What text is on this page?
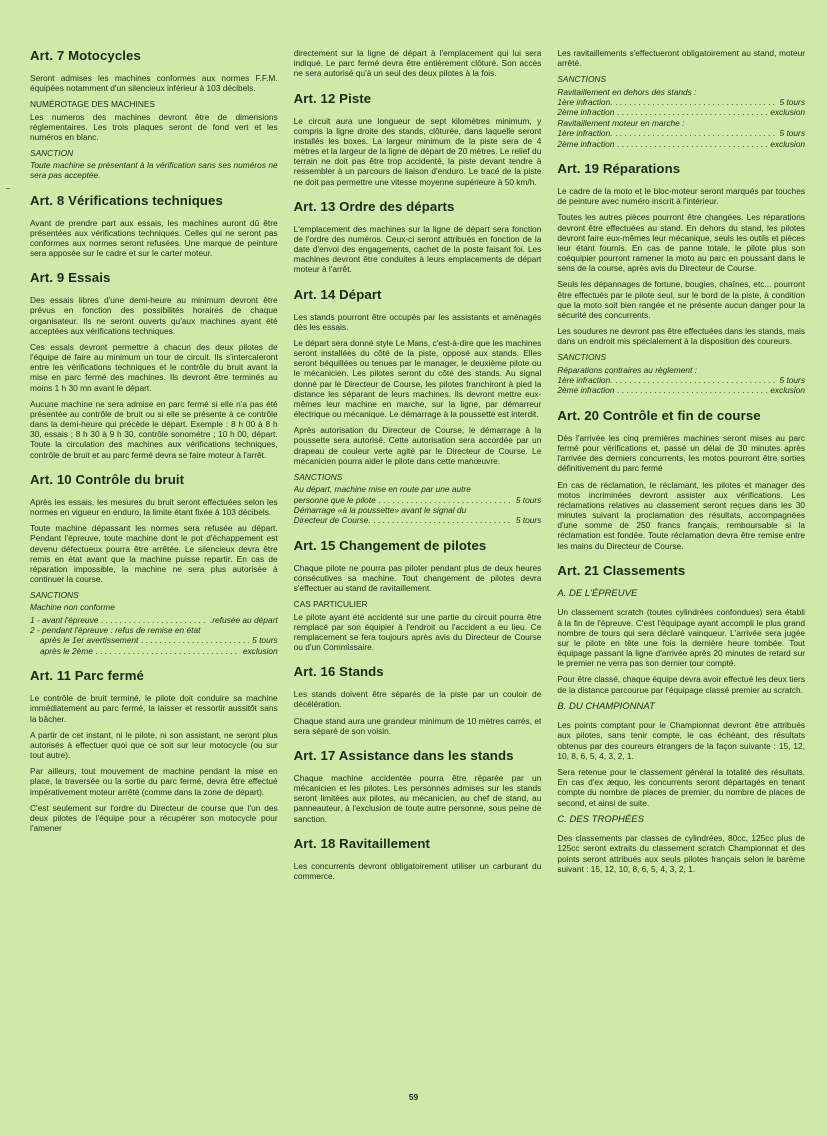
Art. 7 Motocycles

Seront admises les machines conformes aux normes F.F.M. équipées notamment d'un silencieux inférieur à 103 décibels.

NUMÉROTAGE DES MACHINES

Les numeros des machines devront être de dimensions réglementaires. Les trois plaques seront de fond vert et les numéros en blanc.

SANCTION

Toute machine se présentant à la vérification sans ses numéros ne sera pas acceptée.

Art. 8 Vérifications techniques

Avant de prendre part aux essais, les machines auront dû être présentées aux vérifications techniques. Celles qui ne seront pas conformes aux normes seront refusées. Une marque de peinture sera apposée sur le cadre et sur le carter moteur.

Art. 9 Essais

Des essais libres d'une demi-heure au minimum devront être prévus en fonction des possibilités horaires de chaque organisateur. Ils ne seront ouverts qu'aux machines ayant été acceptées aux vérifications techniques.

Ces essais devront permettre à chacun des deux pilotes de l'équipe de faire au minimum un tour de circuit. Ils s'intercaleront entre les vérifications techniques et le contrôle du bruit avant la mise en parc fermé des machines. Ils devront être terminés au moins 1 h 30 mn avant le départ.

Aucune machine ne sera admise en parc fermé si elle n'a pas été présentée au contrôle de bruit ou si elle se présente à ce contrôle dans la demi-heure qui précède le départ. Exemple : 8 h 00 à 8 h 30, essais ; 8 h 30 à 9 h 30, contrôle sonométre ; 10 h 00, départ. Toute la circulation des machines aux vérifications techniques, contrôle de bruit et au parc fermé devra se faire moteur à l'arrêt.

Art. 10 Contrôle du bruit

Après les essais, les mesures du bruit seront effectuées selon les normes en vigueur en enduro, la limite étant fixée à 103 décibels.

Toute machine dépassant les normes sera refusée au départ. Pendant l'épreuve, toute machine dont le pot d'échappement est devenu défectueux pourra être arrêtée. Le silencieux devra être remis en état avant que la machine puisse repartir. En cas de réparation impossible, la machine ne sera plus autorisée à continuer la course.

SANCTIONS

Machine non conforme

1 - avant l'épreuve . . .	.refusée au départ
2 - pendant l'épreuve : refus de remise en état
après le 1er avertissement . . .	5 tours
après le 2ème . . .	exclusion
Art. 11 Parc fermé

Le contrôle de bruit terminé, le pilote doit conduire sa machine immédiatement au parc fermé, la laisser et ressortir aussitôt sans la bâcher.

A partir de cet instant, ni le pilote, ni son assistant, ne seront plus autorisés à effectuer quoi que ce soit sur leur motocycle (ou sur tout autre).

Par ailleurs, tout mouvement de machine pendant la mise en place, la traversée ou la sortie du parc fermé, devra être effectué impérativement moteur arrêté (comme dans la zone de départ).

C'est seulement sur l'ordre du Directeur de course que l'un des deux pilotes de l'équipe pour a récupérer son motocycle pour l'amener

directement sur la ligne de départ à l'emplacement qui lui sera indiqué. Le parc fermé devra être entièrement clôturé. Son accès ne sera autorisé qu'à un seul des deux pilotes à la fois.

Art. 12 Piste

Le circuit aura une longueur de sept kilomètres minimum, y compris la ligne droite des stands, clôturée, dans laquelle seront installés les boxes. La largeur minimum de la piste sera de 4 mètres et la largeur de la ligne de départ de 20 mètres. Le relief du terrain ne doit pas être trop accidenté, la piste devant tendre à ressembler à un parcours de liaison d'enduro. Le tracé de la piste ne doit pas permettre une vitesse moyenne supérieure à 50 km/h.

Art. 13 Ordre des départs

L'emplacement des machines sur la ligne de départ sera fonction de l'ordre des numéros. Ceux-ci seront attribués en fonction de la date d'envoi des engagements, cachet de la poste faisant foi. Les machines devront être conduites à leurs emplacements de départ moteur à l'arrêt.

Art. 14 Départ

Les stands pourront être occupés par les assistants et aménagés dès les essais.

Le départ sera donné style Le Mans, c'est-à-dire que les machines seront installées du côté de la piste, opposé aux stands. Elles seront béquillées ou tenues par le manager, le deuxième pilote ou le mécanicien. Les pilotes seront du côté des stands. Au signal donné par le Directeur de Course, les pilotes franchiront à pied la distance les séparant de leurs machines. Ils devront mettre eux-mêmes leur machine en marche, sur la ligne, par démarreur électrique ou mécanique. Le démarrage à la poussette est interdit.

Après autorisation du Directeur de Course, le démarrage à la poussette sera autorisé. Cette autorisation sera accordée par un drapeau de couleur verte agité par le Directeur de Course. Le mécanicien pourra aider le pilote dans cette manœuvre.

SANCTIONS

Au départ, machine mise en route par une autre
personne que le pilote . . .	5 tours
Démarrage «à la poussette» avant le signal du
Directeur de Course. . . .	5 tours
Art. 15 Changement de pilotes

Chaque pilote ne pourra pas piloter pendant plus de deux heures consécutives sa machine. Tout changement de pilotes devra s'effectuer au stand de ravitaillement.

CAS PARTICULIER

Le pilote ayant été accidenté sur une partie du circuit pourra être remplacé par son équipier à l'endroit ou l'accident a eu lieu. Ce remplacement se fera toujours après avis du Directeur de Course ou d'un Commissaire.

Art. 16 Stands

Les stands doivent être séparés de la piste par un couloir de décélération.

Chaque stand aura une grandeur minimum de 10 mètres carrés, et sera séparé de son voisin.

Art. 17 Assistance dans les stands

Chaque machine accidentée pourra être réparée par un mécanicien et les pilotes. Les personnes admises sur les stands seront limitées aux pilotes, au mécanicien, au chef de stand, au panneauteur, à l'exclusion de toute autre personne, sous peine de sanction.

Art. 18 Ravitaillement

Les concurrents devront obligatoirement utiliser un carburant du commerce.

Les ravitaillements s'effectueront obligatoirement au stand, moteur arrêté.

SANCTIONS

Ravitaillement en dehors des stands :
1ère infraction. . . .	5 tours
2ème infraction . . .	exclusion
Ravitaillement moteur en marche :
1ère infraction. . . .	5 tours
2ème infraction . . .	exclusion
Art. 19 Réparations

Le cadre de la moto et le bloc-moteur seront marqués par touches de peinture avec numéro inscrit à l'intérieur.

Toutes les autres pièces pourront être changées. Les réparations devront être effectuées au stand. En dehors du stand, les pilotes devront faire eux-mêmes leur mécanique, seuls les outils et pièces leur étant fournis. En cas de panne totale, le pilote plus son coéquipier pourront ramener la moto au parc en poussant dans le sens de la course, après avis du Directeur de Course.

Seuls les dépannages de fortune, bougies, chaînes, etc... pourront être effectués par le pilote seul, sur le bord de la piste, à condition que la moto soit bien rangée et ne présente aucun danger pour la sécurité des concurrents.

Les soudures ne devront pas être effectuées dans les stands, mais dans un endroit mis spécialement à la disposition des coureurs.

SANCTIONS

Réparations contraires au règlement :
1ère infraction. . . .	5 tours
2ème infraction . . .	exclusion
Art. 20 Contrôle et fin de course

Dès l'arrivée les cinq premières machines seront mises au parc fermé pour vérifications et, passé un délai de 30 minutes après l'arrivée des derniers concurrents, les motos pourront être sorties définitivement du parc fermé

En cas de réclamation, le réclamant, les pilotes et manager des motos incriminées devront assister aux vérifications. Les réclamations relatives au classement seront reçues dans les 30 minutes suivant la proclamation des résultats, accompagnées d'une somme de 250 francs français, remboursable si la réclamation est fondée. Toute réclamation devra être remise entre les mains du Directeur de Course.

Art. 21 Classements

A. DE L'ÉPREUVE

Un classement scratch (toutes cylindrées confondues) sera établi à la fin de l'épreuve. C'est l'équipage ayant accompli le plus grand nombre de tours qui sera déclaré vainqueur. L'arrivée sera jugée sur le pilote en tête une fois la dernière heure tombée. Tout équipage passant la ligne d'arrivée après 20 minutes de retard sur le premier ne verra pas son dernier tour compté.

Pour être classé, chaque équipe devra avoir effectué les deux tiers de la distance parcourue par l'équipage classé premier au scratch.

B. DU CHAMPIONNAT

Les points comptant pour le Championnat devront être attribués aux pilotes, sans tenir compte, le cas échéant, des résultats obtenus par des coureurs étrangers de la façon suivante : 15, 12, 10, 8, 6, 5, 4, 3, 2, 1.

Sera retenue pour le classement général la totalité des résultats. En cas d'ex æquo, les concurrents seront départagés en tenant compte du nombre de places de premier, du nombre de places de second, et ainsi de suite.

C. DES TROPHÉES

Des classements par classes de cylindrées, 80cc, 125cc plus de 125cc seront extraits du classement scratch Championnat et des points seront attribués aux seuls pilotes français selon le barème suivant : 15, 12, 10, 8, 6, 5, 4, 3, 2, 1.

59
